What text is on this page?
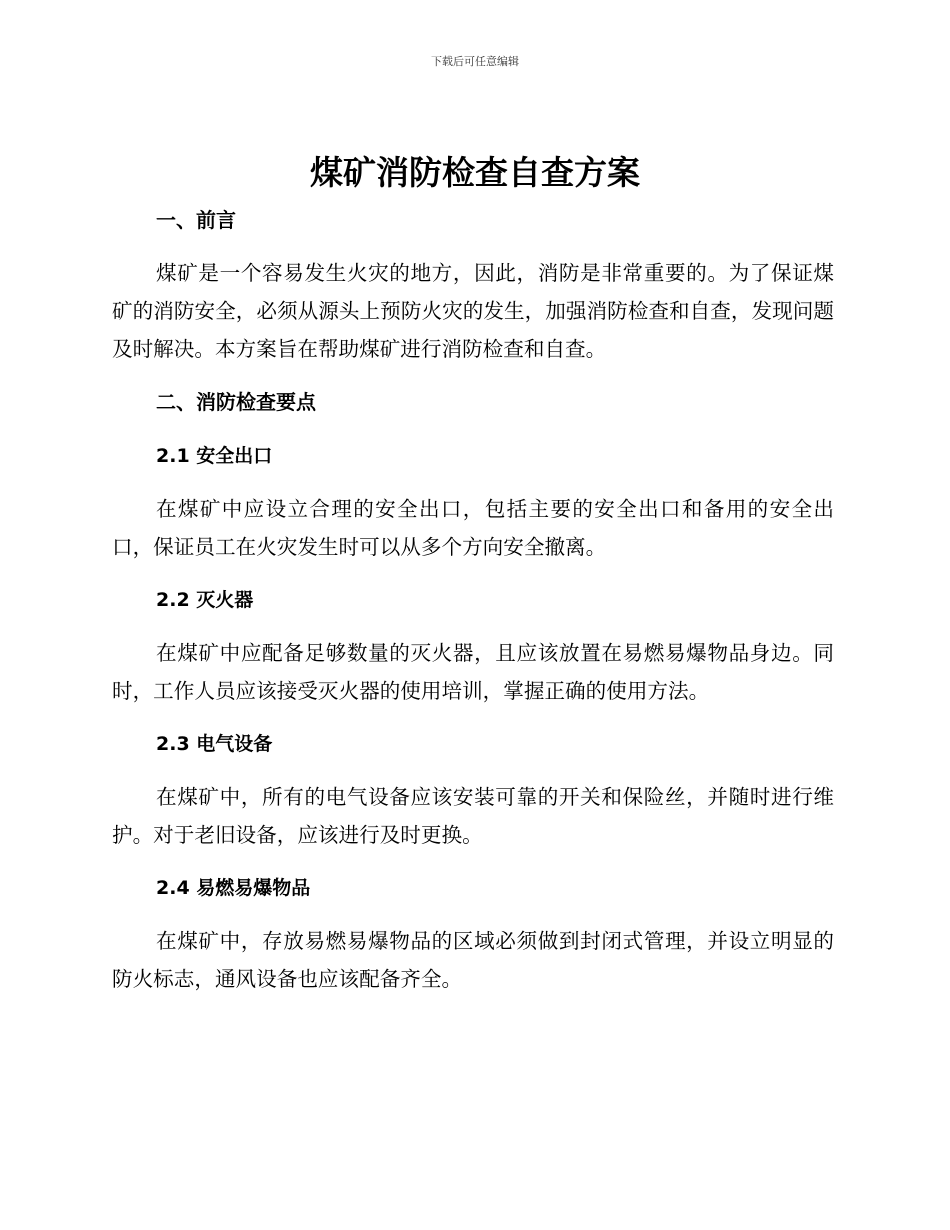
下载后可任意编辑
煤矿消防检查自查方案
一、前言

煤矿是一个容易发生火灾的地方，因此，消防是非常重要的。为了保证煤矿的消防安全，必须从源头上预防火灾的发生，加强消防检查和自查，发现问题及时解决。本方案旨在帮助煤矿进行消防检查和自查。

二、消防检查要点
2.1 安全出口

在煤矿中应设立合理的安全出口，包括主要的安全出口和备用的安全出口，保证员工在火灾发生时可以从多个方向安全撤离。

2.2 灭火器

在煤矿中应配备足够数量的灭火器，且应该放置在易燃易爆物品身边。同时，工作人员应该接受灭火器的使用培训，掌握正确的使用方法。

2.3 电气设备

在煤矿中，所有的电气设备应该安装可靠的开关和保险丝，并随时进行维护。对于老旧设备，应该进行及时更换。

2.4 易燃易爆物品

在煤矿中，存放易燃易爆物品的区域必须做到封闭式管理，并设立明显的防火标志，通风设备也应该配备齐全。
